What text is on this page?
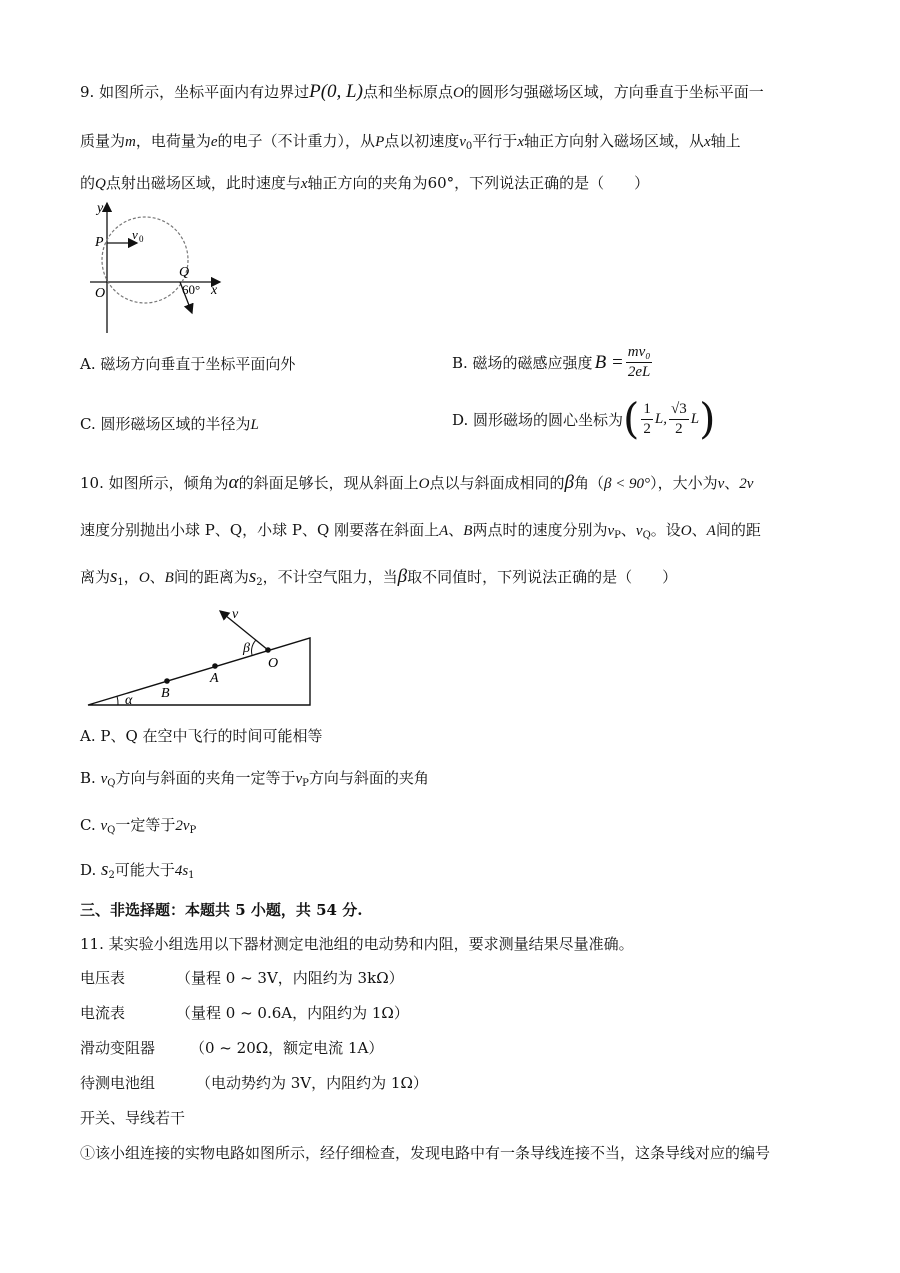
9. 如图所示，坐标平面内有边界过P(0, L)点和坐标原点O的圆形匀强磁场区域，方向垂直于坐标平面一
质量为m，电荷量为e的电子（不计重力），从P点以初速度$v_0$平行于x轴正方向射入磁场区域，从x轴上
的Q点射出磁场区域，此时速度与x轴正方向的夹角为60°，下列说法正确的是（　　）
y
P
v 0
Q
O	60° x
A. 磁场方向垂直于坐标平面向外	B. 磁场的磁感应强度 $B = \frac{\text{mv₀}}{2eL}$
C. 圆形磁场区域的半径为L	D. 圆形磁场的圆心坐标为 ( $\frac{1}{2} L$, $\frac{√3}{2}$ L )
10. 如图所示，倾角为α的斜面足够长，现从斜面上O点以与斜面成相同的β角（β < 90°），大小为v、2v
速度分别抛出小球 P、Q，小球 P、Q 刚要落在斜面上A、B两点时的速度分别为$v_P$、$v_Q$。设O、A间的距
离为$s_1$，O、B间的距离为$s_2$，不计空气阻力，当β取不同值时，下列说法正确的是（　　）
v
β
O
A
B
α
A. P、Q 在空中飞行的时间可能相等
B. $v_Q$方向与斜面的夹角一定等于$v_P$方向与斜面的夹角
C. $v_Q$一定等于$2v_P$
D. $s_2$可能大于$4s_1$
三、非选择题：本题共 5 小题，共 54 分.
11. 某实验小组选用以下器材测定电池组的电动势和内阻，要求测量结果尽量准确。
电压表	（量程 0 ~ 3V，内阻约为 3kΩ）
电流表	（量程 0 ~ 0.6A，内阻约为 1Ω）
滑动变阻器 （0 ~ 20Ω，额定电流 1A）
待测电池组	（电动势约为 3V，内阻约为 1Ω）
开关、导线若干
①该小组连接的实物电路如图所示，经仔细检查，发现电路中有一条导线连接不当，这条导线对应的编号
